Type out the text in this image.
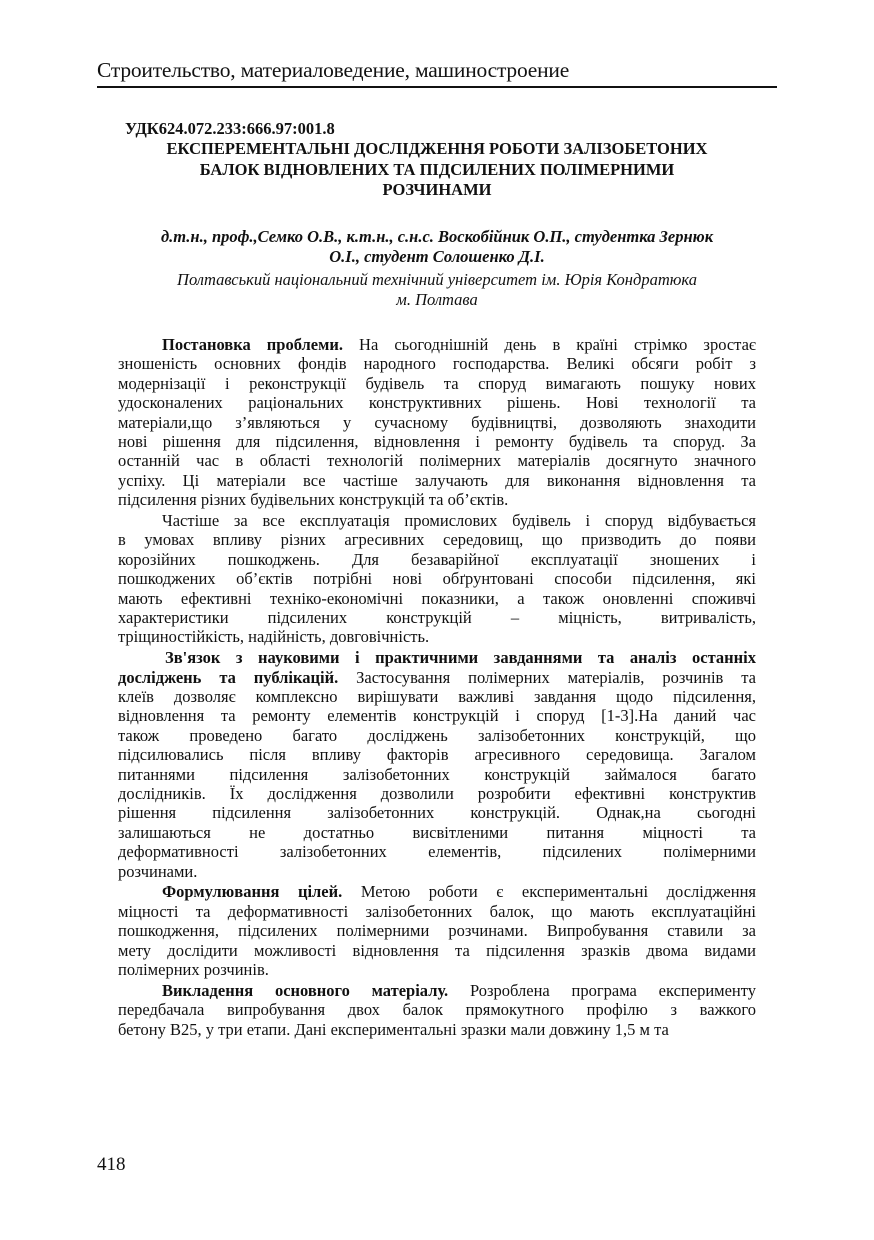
Строительство, материаловедение, машиностроение
УДК624.072.233:666.97:001.8
ЕКСПЕРЕМЕНТАЛЬНІ ДОСЛІДЖЕННЯ РОБОТИ ЗАЛІЗОБЕТОНИХ
БАЛОК ВІДНОВЛЕНИХ ТА ПІДСИЛЕНИХ ПОЛІМЕРНИМИ
РОЗЧИНАМИ
д.т.н., проф.,Семко О.В., к.т.н., с.н.с. Воскобійник О.П., студентка Зернюк
О.І., студент Солошенко Д.І.
Полтавський національний технічний університет ім. Юрія Кондратюка
м. Полтава
Постановка проблеми. На сьогоднішній день в країні стрімко зростає
зношеність основних фондів народного господарства. Великі обсяги робіт з
модернізації і реконструкції будівель та споруд вимагають пошуку нових
удосконалених раціональних конструктивних рішень. Нові технології та
матеріали,що з’являються у сучасному будівництві, дозволяють знаходити
нові рішення для підсилення, відновлення і ремонту будівель та споруд. За
останній час в області технологій полімерних матеріалів досягнуто значного
успіху. Ці матеріали все частіше залучають для виконання відновлення та
підсилення різних будівельних конструкцій та об’єктів.
Частіше за все експлуатація промислових будівель і споруд відбувається
в умовах впливу різних агресивних середовищ, що призводить до появи
корозійних пошкоджень. Для безаварійної експлуатації зношених і
пошкоджених об’єктів потрібні нові обґрунтовані способи підсилення, які
мають ефективні техніко-економічні показники, а також оновленні споживчі
характеристики підсилених конструкцій – міцність, витривалість,
тріщиностійкість, надійність, довговічність.
Зв'язок з науковими і практичними завданнями та аналіз останніх
досліджень та публікацій. Застосування полімерних матеріалів, розчинів та
клеїв дозволяє комплексно вирішувати важливі завдання щодо підсилення,
відновлення та ремонту елементів конструкцій і споруд [1-3].На даний час
також проведено багато досліджень залізобетонних конструкцій, що
підсилювались після впливу факторів агресивного середовища. Загалом
питаннями підсилення залізобетонних конструкцій займалося багато
дослідників. Їх дослідження дозволили розробити ефективні конструктив
рішення підсилення залізобетонних конструкцій. Однак,на сьогодні
залишаються не достатньо висвітленими питання міцності та
деформативності залізобетонних елементів, підсилених полімерними
розчинами.
Формулювання цілей. Метою роботи є експериментальні дослідження
міцності та деформативності залізобетонних балок, що мають експлуатаційні
пошкодження, підсилених полімерними розчинами. Випробування ставили за
мету дослідити можливості відновлення та підсилення зразків двома видами
полімерних розчинів.
Викладення основного матеріалу. Розроблена програма експерименту
передбачала випробування двох балок прямокутного профілю з важкого
бетону В25, у три етапи. Дані експериментальні зразки мали довжину 1,5 м та
418
